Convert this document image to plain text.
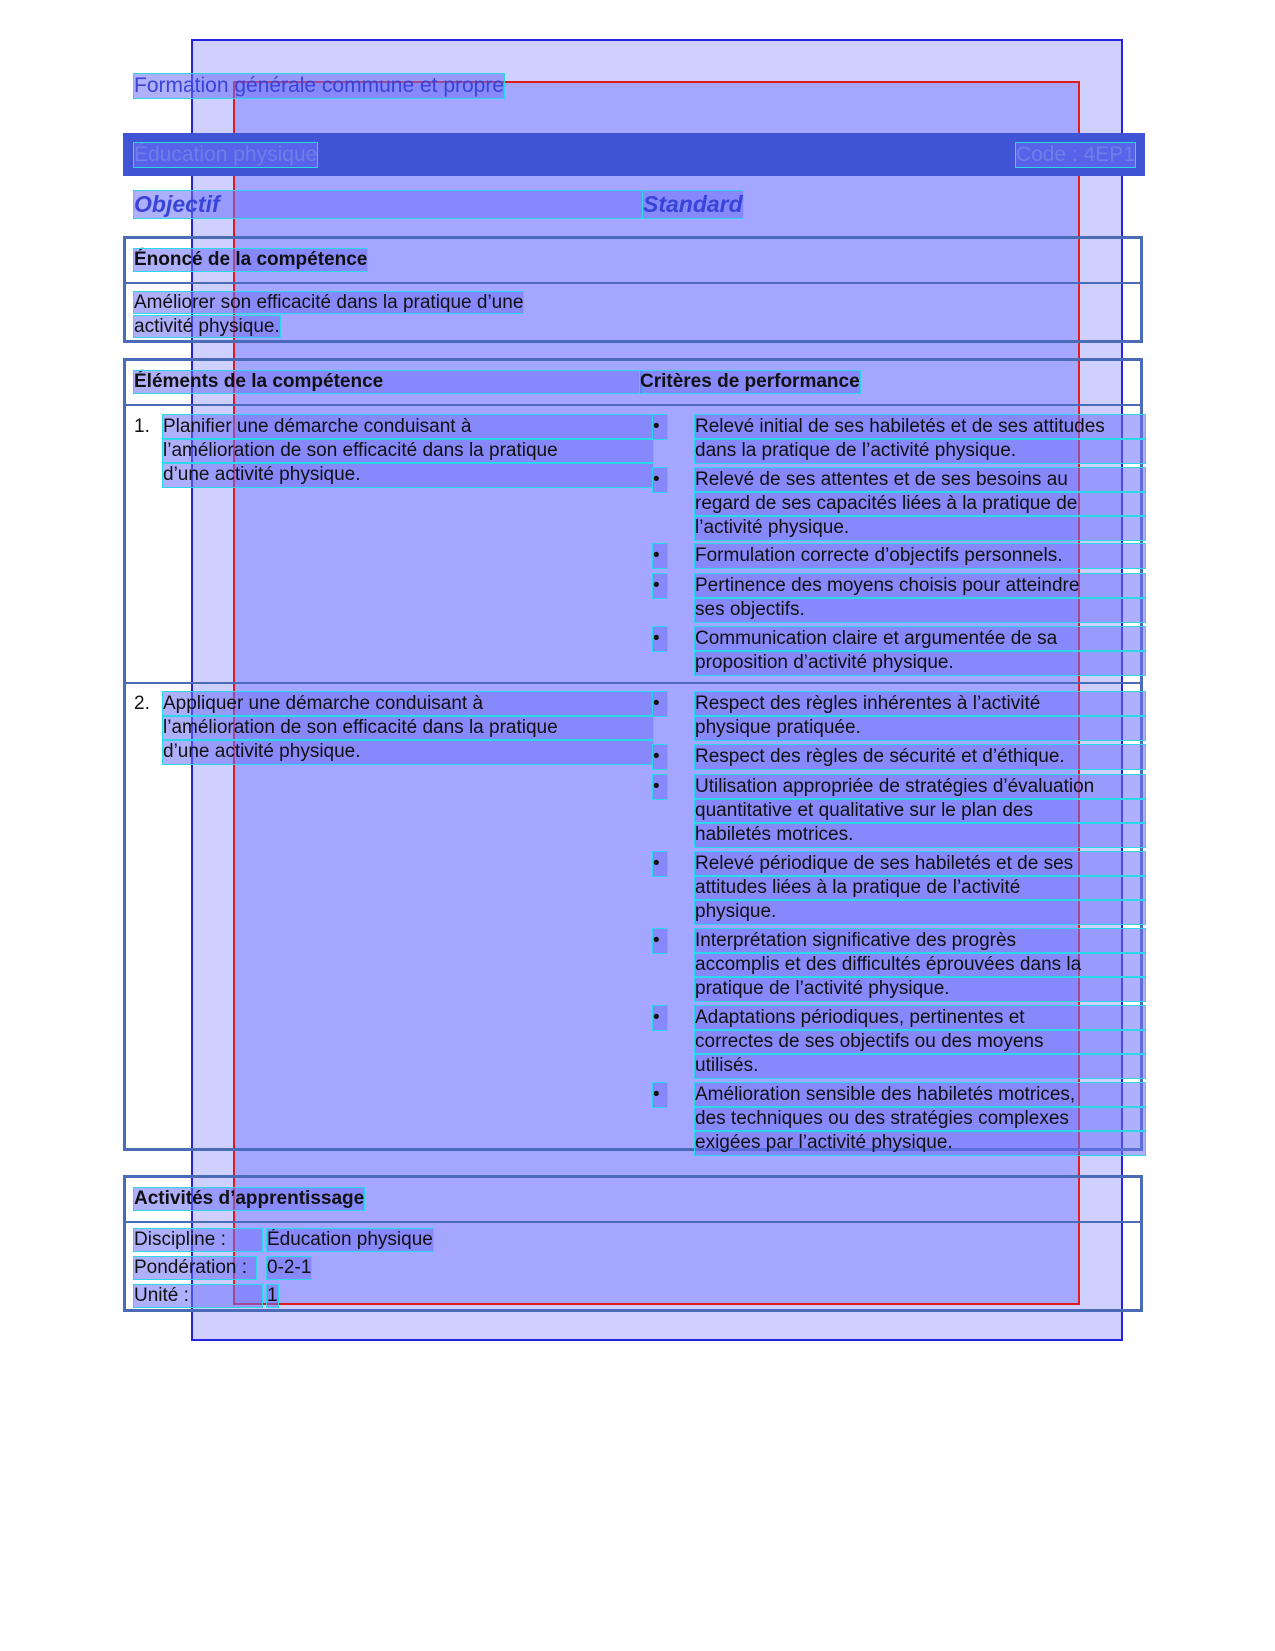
Formation générale commune et propre
Éducation physique	Code : 4EP1
Objectif	Standard
Énoncé de la compétence
Améliorer son efficacité dans la pratique d’une
activité physique.
Éléments de la compétence	Critères de performance
1. Planifier une démarche conduisant à
l’amélioration de son efficacité dans la pratique
d’une activité physique.
•	Relevé initial de ses habiletés et de ses attitudes
dans la pratique de l’activité physique.
•	Relevé de ses attentes et de ses besoins au
regard de ses capacités liées à la pratique de
l’activité physique.
•	Formulation correcte d’objectifs personnels.
•	Pertinence des moyens choisis pour atteindre
ses objectifs.
•	Communication claire et argumentée de sa
proposition d’activité physique.
2. Appliquer une démarche conduisant à
l’amélioration de son efficacité dans la pratique
d’une activité physique.
•	Respect des règles inhérentes à l’activité
physique pratiquée.
•	Respect des règles de sécurité et d’éthique.
•	Utilisation appropriée de stratégies d’évaluation
quantitative et qualitative sur le plan des
habiletés motrices.
•	Relevé périodique de ses habiletés et de ses
attitudes liées à la pratique de l’activité
physique.
•	Interprétation significative des progrès
accomplis et des difficultés éprouvées dans la
pratique de l’activité physique.
•	Adaptations périodiques, pertinentes et
correctes de ses objectifs ou des moyens
utilisés.
•	Amélioration sensible des habiletés motrices,
des techniques ou des stratégies complexes
exigées par l’activité physique.
Activités d’apprentissage
Discipline :	Éducation physique
Pondération :	0-2-1
Unité :	1
